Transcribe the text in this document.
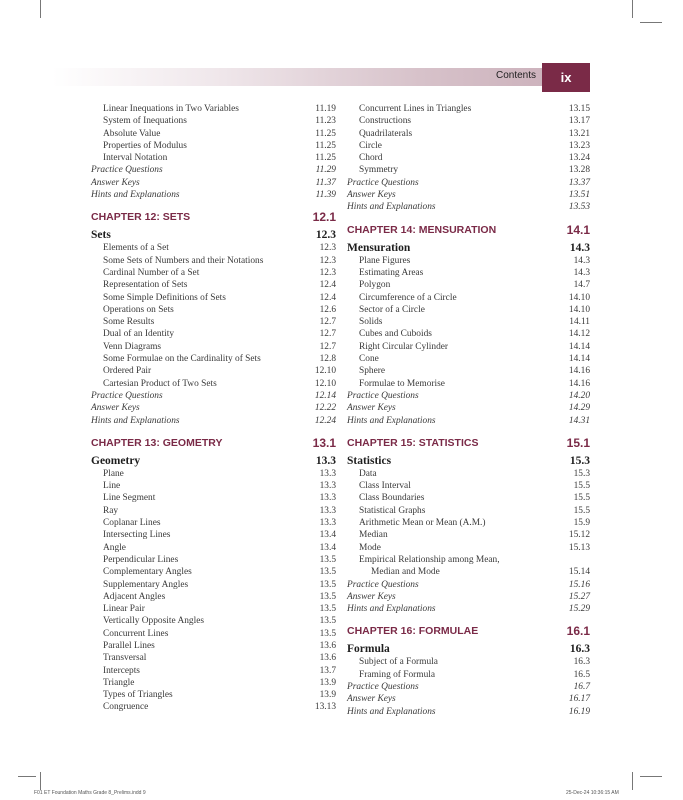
Contents	ix
Linear Inequations in Two Variables	11.19
System of Inequations	11.23
Absolute Value	11.25
Properties of Modulus	11.25
Interval Notation	11.25
Practice Questions	11.29
Answer Keys	11.37
Hints and Explanations	11.39
CHAPTER 12: SETS	12.1
Sets	12.3
Elements of a Set	12.3
Some Sets of Numbers and their Notations	12.3
Cardinal Number of a Set	12.3
Representation of Sets	12.4
Some Simple Definitions of Sets	12.4
Operations on Sets	12.6
Some Results	12.7
Dual of an Identity	12.7
Venn Diagrams	12.7
Some Formulae on the Cardinality of Sets	12.8
Ordered Pair	12.10
Cartesian Product of Two Sets	12.10
Practice Questions	12.14
Answer Keys	12.22
Hints and Explanations	12.24
CHAPTER 13: GEOMETRY	13.1
Geometry	13.3
Plane	13.3
Line	13.3
Line Segment	13.3
Ray	13.3
Coplanar Lines	13.3
Intersecting Lines	13.4
Angle	13.4
Perpendicular Lines	13.5
Complementary Angles	13.5
Supplementary Angles	13.5
Adjacent Angles	13.5
Linear Pair	13.5
Vertically Opposite Angles	13.5
Concurrent Lines	13.5
Parallel Lines	13.6
Transversal	13.6
Intercepts	13.7
Triangle	13.9
Types of Triangles	13.9
Congruence	13.13
Concurrent Lines in Triangles	13.15
Constructions	13.17
Quadrilaterals	13.21
Circle	13.23
Chord	13.24
Symmetry	13.28
Practice Questions	13.37
Answer Keys	13.51
Hints and Explanations	13.53
CHAPTER 14: MENSURATION	14.1
Mensuration	14.3
Plane Figures	14.3
Estimating Areas	14.3
Polygon	14.7
Circumference of a Circle	14.10
Sector of a Circle	14.10
Solids	14.11
Cubes and Cuboids	14.12
Right Circular Cylinder	14.14
Cone	14.14
Sphere	14.16
Formulae to Memorise	14.16
Practice Questions	14.20
Answer Keys	14.29
Hints and Explanations	14.31
CHAPTER 15: STATISTICS	15.1
Statistics	15.3
Data	15.3
Class Interval	15.5
Class Boundaries	15.5
Statistical Graphs	15.5
Arithmetic Mean or Mean (A.M.)	15.9
Median	15.12
Mode	15.13
Empirical Relationship among Mean,
Median and Mode	15.14
Practice Questions	15.16
Answer Keys	15.27
Hints and Explanations	15.29
CHAPTER 16: FORMULAE	16.1
Formula	16.3
Subject of a Formula	16.3
Framing of Formula	16.5
Practice Questions	16.7
Answer Keys	16.17
Hints and Explanations	16.19
F01 ET Foundation Maths Grade 8_Prelims.indd 9	25-Dec-24 10:36:15 AM
